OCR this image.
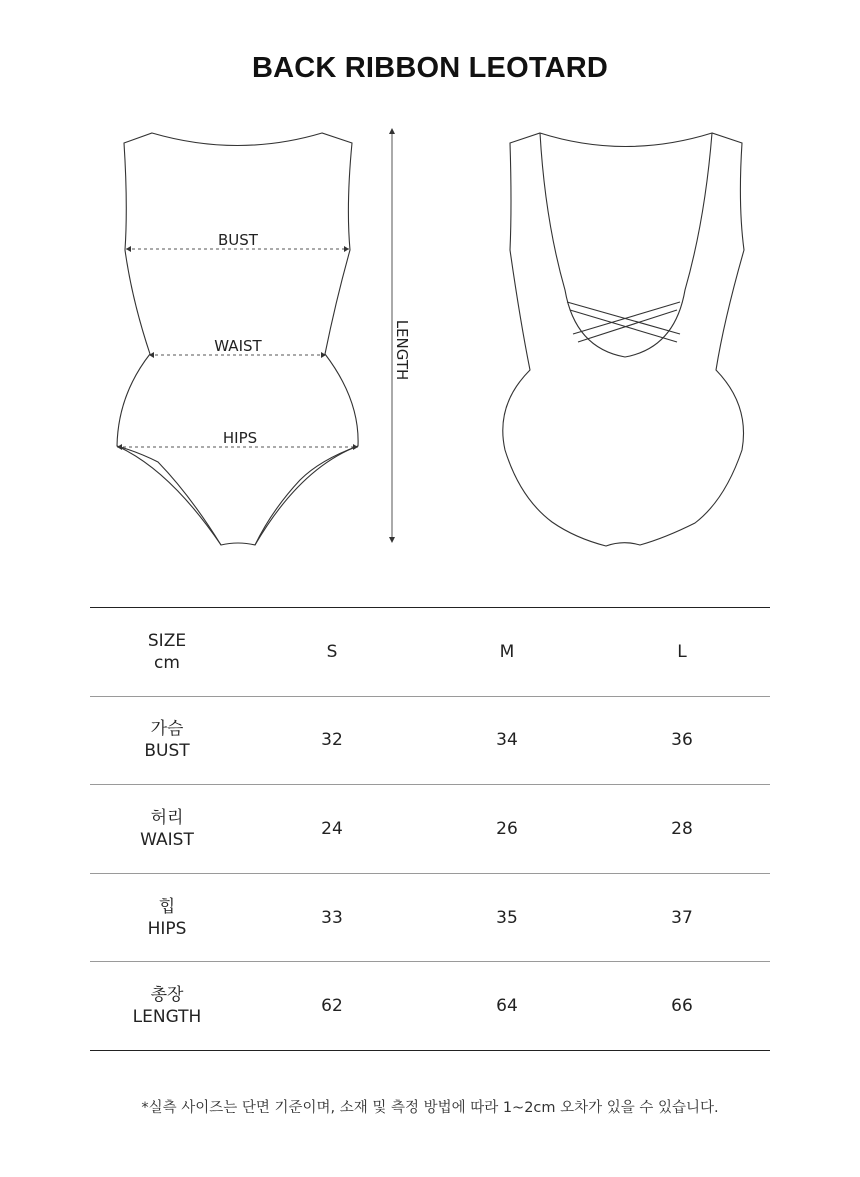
BACK RIBBON LEOTARD
BUST
WAIST
HIPS
LENGTH
SIZE
cm	S	M	L

가슴
BUST	32	34	36

허리
WAIST	24	26	28

힙
HIPS	33	35	37

총장
LENGTH	62	64	66
*실측 사이즈는 단면 기준이며, 소재 및 측정 방법에 따라 1~2cm 오차가 있을 수 있습니다.
